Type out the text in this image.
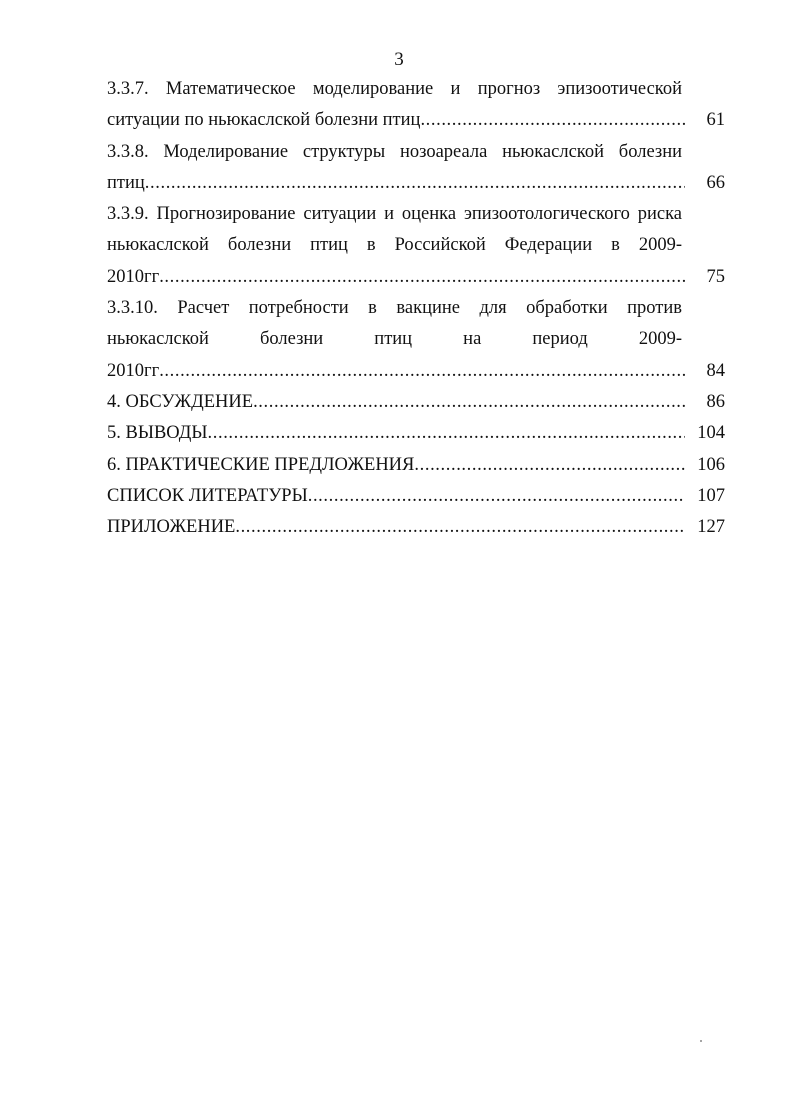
3
3.3.7. Математическое моделирование и прогноз эпизоотической
ситуации по ньюкаслской болезни птиц .....	61
3.3.8. Моделирование структуры нозоареала ньюкаслской болезни
птиц .....	66
3.3.9. Прогнозирование ситуации и оценка эпизоотологического риска
ньюкаслской болезни птиц в Российской Федерации в 2009-
2010гг .....	75
3.3.10. Расчет потребности в вакцине для обработки против
ньюкаслской болезни птиц на период 2009-
2010гг .....	84
4. ОБСУЖДЕНИЕ .....	86
5. ВЫВОДЫ .....	104
6. ПРАКТИЧЕСКИЕ ПРЕДЛОЖЕНИЯ .....	106
СПИСОК ЛИТЕРАТУРЫ .....	107
ПРИЛОЖЕНИЕ .....	127
